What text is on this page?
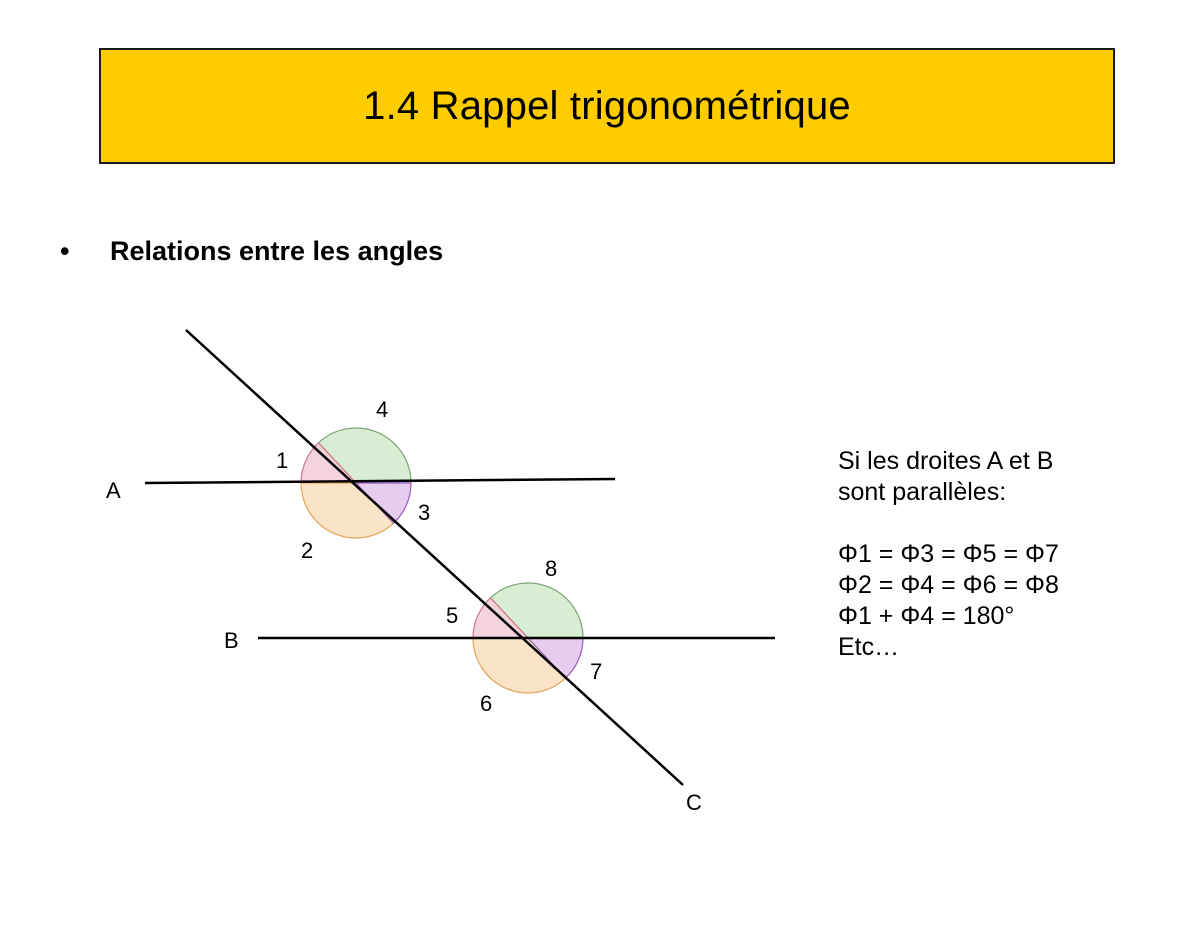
1.4 Rappel trigonométrique
•	Relations entre les angles
A
B
C
1
2
3
4
5
6
7
8

Si les droites A et B

sont parallèles:

Φ1 = Φ3 = Φ5 = Φ7

Φ2 = Φ4 = Φ6 = Φ8

Φ1 + Φ4 = 180°

Etc…
